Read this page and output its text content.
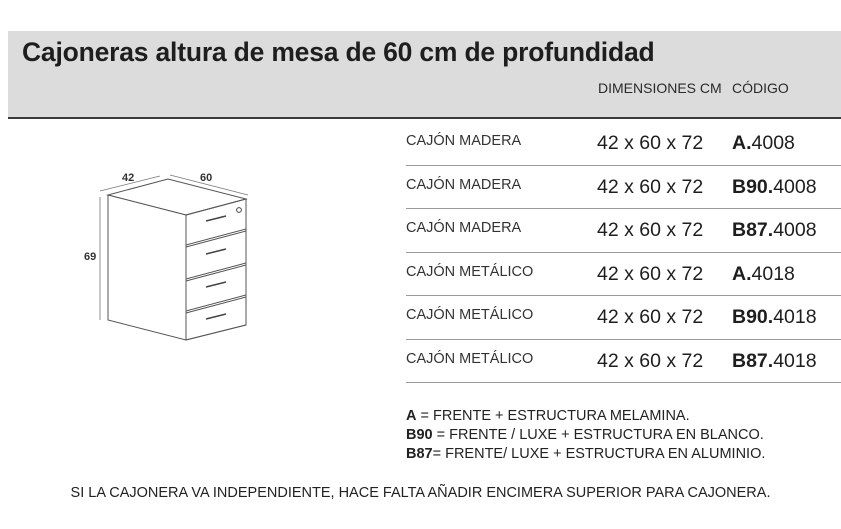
Cajoneras altura de mesa de 60 cm de profundidad
DIMENSIONES CM CÓDIGO
42	60
69
CAJÓN MADERA	42 x 60 x 72 A.4008
CAJÓN MADERA	42 x 60 x 72 B90.4008
CAJÓN MADERA	42 x 60 x 72 B87.4008
CAJÓN METÁLICO	42 x 60 x 72 A.4018
CAJÓN METÁLICO	42 x 60 x 72 B90.4018
CAJÓN METÁLICO	42 x 60 x 72 B87.4018
A = FRENTE + ESTRUCTURA MELAMINA.
B90 = FRENTE / LUXE + ESTRUCTURA EN BLANCO.
B87= FRENTE/ LUXE + ESTRUCTURA EN ALUMINIO.
SI LA CAJONERA VA INDEPENDIENTE, HACE FALTA AÑADIR ENCIMERA SUPERIOR PARA CAJONERA.
